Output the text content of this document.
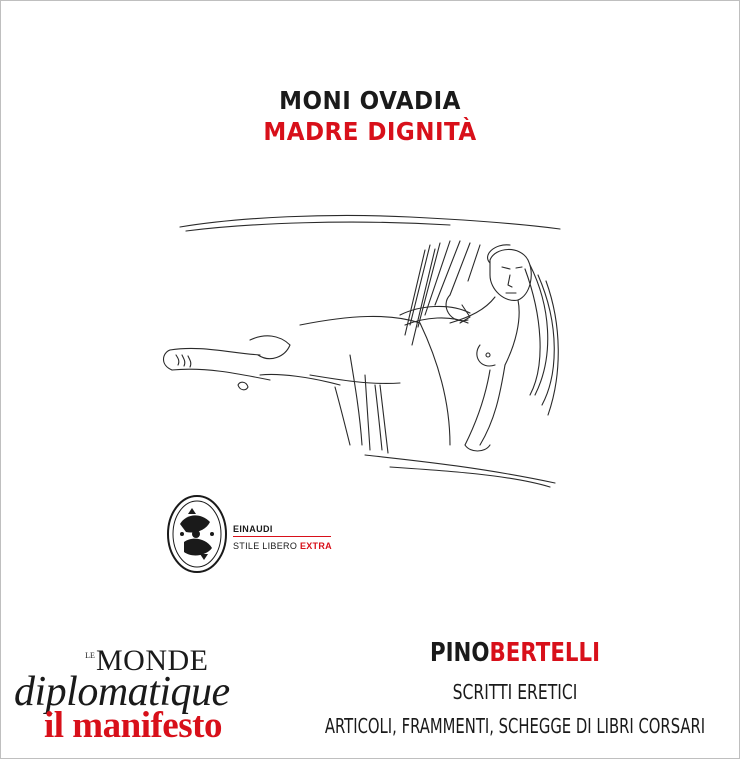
MONI OVADIA
MADRE DIGNITÀ
EINAUDI
STILE LIBERO EXTRA
LE MONDE
diplomatique
il manifesto
PINOBERTELLI
SCRITTI ERETICI
ARTICOLI, FRAMMENTI, SCHEGGE DI LIBRI CORSARI
